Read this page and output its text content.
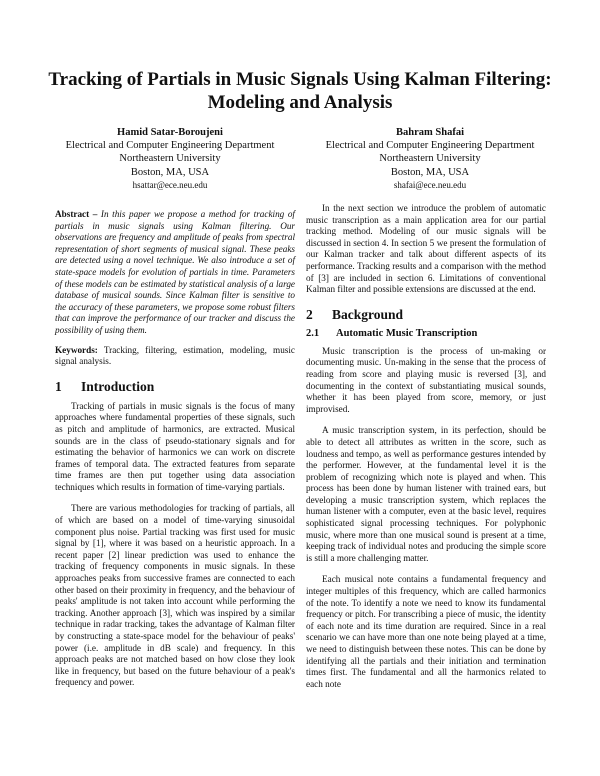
Tracking of Partials in Music Signals Using Kalman Filtering: Modeling and Analysis
Hamid Satar-Boroujeni
Electrical and Computer Engineering Department
Northeastern University
Boston, MA, USA
hsattar@ece.neu.edu
Bahram Shafai
Electrical and Computer Engineering Department
Northeastern University
Boston, MA, USA
shafai@ece.neu.edu

Abstract – In this paper we propose a method for tracking of partials in music signals using Kalman filtering. Our observations are frequency and amplitude of peaks from spectral representation of short segments of musical signal. These peaks are detected using a novel technique. We also introduce a set of state-space models for evolution of partials in time. Parameters of these models can be estimated by statistical analysis of a large database of musical sounds. Since Kalman filter is sensitive to the accuracy of these parameters, we propose some robust filters that can improve the performance of our tracker and discuss the possibility of using them.

Keywords: Tracking, filtering, estimation, modeling, music signal analysis.

1 Introduction

Tracking of partials in music signals is the focus of many approaches where fundamental properties of these signals, such as pitch and amplitude of harmonics, are extracted. Musical sounds are in the class of pseudo-stationary signals and for estimating the behavior of harmonics we can work on discrete frames of temporal data. The extracted features from separate time frames are then put together using data association techniques which results in formation of time-varying partials.

There are various methodologies for tracking of partials, all of which are based on a model of time-varying sinusoidal component plus noise. Partial tracking was first used for music signal by [1], where it was based on a heuristic approach. In a recent paper [2] linear prediction was used to enhance the tracking of frequency components in music signals. In these approaches peaks from successive frames are connected to each other based on their proximity in frequency, and the behaviour of peaks' amplitude is not taken into account while performing the tracking. Another approach [3], which was inspired by a similar technique in radar tracking, takes the advantage of Kalman filter by constructing a state-space model for the behaviour of peaks' power (i.e. amplitude in dB scale) and frequency. In this approach peaks are not matched based on how close they look like in frequency, but based on the future behaviour of a peak's frequency and power.

In the next section we introduce the problem of automatic music transcription as a main application area for our partial tracking method. Modeling of our music signals will be discussed in section 4. In section 5 we present the formulation of our Kalman tracker and talk about different aspects of its performance. Tracking results and a comparison with the method of [3] are included in section 6. Limitations of conventional Kalman filter and possible extensions are discussed at the end.

2 Background
2.1 Automatic Music Transcription

Music transcription is the process of un-making or documenting music. Un-making in the sense that the process of reading from score and playing music is reversed [3], and documenting in the context of substantiating musical sounds, whether it has been played from score, memory, or just improvised.

A music transcription system, in its perfection, should be able to detect all attributes as written in the score, such as loudness and tempo, as well as performance gestures intended by the performer. However, at the fundamental level it is the problem of recognizing which note is played and when. This process has been done by human listener with trained ears, but developing a music transcription system, which replaces the human listener with a computer, even at the basic level, requires sophisticated signal processing techniques. For polyphonic music, where more than one musical sound is present at a time, keeping track of individual notes and producing the simple score is still a more challenging matter.

Each musical note contains a fundamental frequency and integer multiples of this frequency, which are called harmonics of the note. To identify a note we need to know its fundamental frequency or pitch. For transcribing a piece of music, the identity of each note and its time duration are required. Since in a real scenario we can have more than one note being played at a time, we need to distinguish between these notes. This can be done by identifying all the partials and their initiation and termination times first. The fundamental and all the harmonics related to each note
